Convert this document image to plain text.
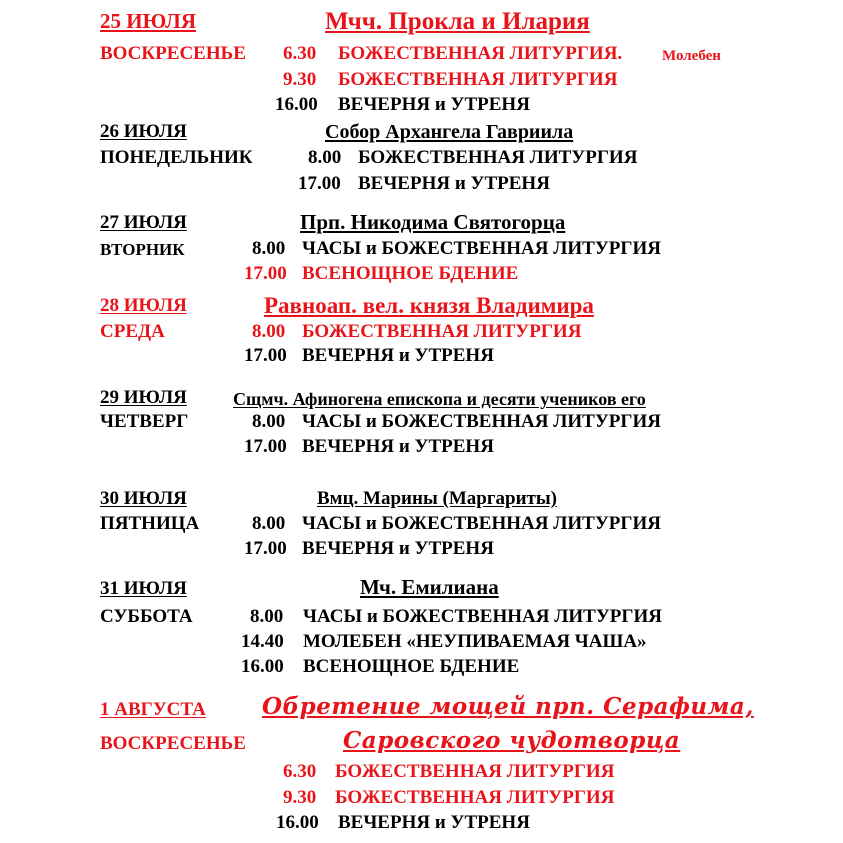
25 ИЮЛЯ	Мчч. Прокла и Илария
ВОСКРЕСЕНЬЕ 6.30 БОЖЕСТВЕННАЯ ЛИТУРГИЯ.	Молебен
9.30 БОЖЕСТВЕННАЯ ЛИТУРГИЯ
16.00 ВЕЧЕРНЯ и УТРЕНЯ
26 ИЮЛЯ	Собор Архангела Гавриила
ПОНЕДЕЛЬНИК	8.00 БОЖЕСТВЕННАЯ ЛИТУРГИЯ
17.00 ВЕЧЕРНЯ и УТРЕНЯ
27 ИЮЛЯ	Прп. Никодима Святогорца
ВТОРНИК	8.00 ЧАСЫ и БОЖЕСТВЕННАЯ ЛИТУРГИЯ
17.00 ВСЕНОЩНОЕ БДЕНИЕ
28 ИЮЛЯ	Равноап. вел. князя Владимира
СРЕДА	8.00 БОЖЕСТВЕННАЯ ЛИТУРГИЯ
17.00 ВЕЧЕРНЯ и УТРЕНЯ
29 ИЮЛЯ	Сщмч. Афиногена епископа и десяти учеников его
ЧЕТВЕРГ	8.00 ЧАСЫ и БОЖЕСТВЕННАЯ ЛИТУРГИЯ
17.00 ВЕЧЕРНЯ и УТРЕНЯ
30 ИЮЛЯ	Вмц. Марины (Маргариты)
ПЯТНИЦА	8.00 ЧАСЫ и БОЖЕСТВЕННАЯ ЛИТУРГИЯ
17.00 ВЕЧЕРНЯ и УТРЕНЯ
31 ИЮЛЯ	Мч. Емилиана
СУББОТА	8.00 ЧАСЫ и БОЖЕСТВЕННАЯ ЛИТУРГИЯ
14.40 МОЛЕБЕН «НЕУПИВАЕМАЯ ЧАША»
16.00 ВСЕНОЩНОЕ БДЕНИЕ
1 АВГУСТА Обретение мощей прп. Серафима,
ВОСКРЕСЕНЬЕ	Саровского чудотворца
6.30 БОЖЕСТВЕННАЯ ЛИТУРГИЯ
9.30 БОЖЕСТВЕННАЯ ЛИТУРГИЯ
16.00 ВЕЧЕРНЯ и УТРЕНЯ
